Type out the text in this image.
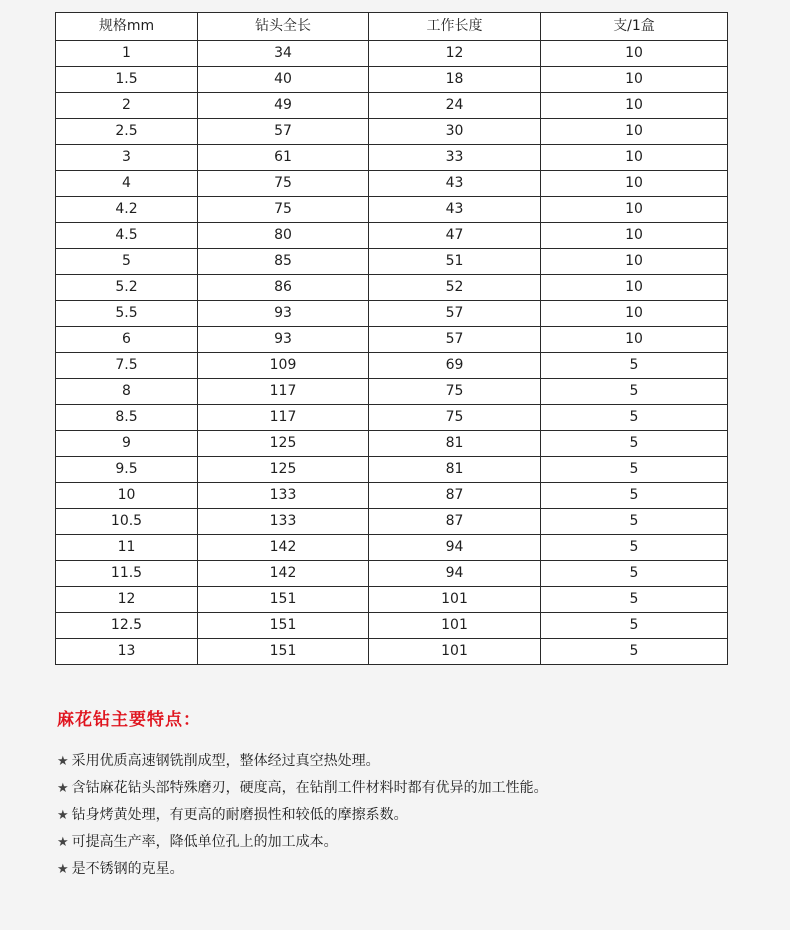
规格mm	钻头全长	工作长度	支/1盒
1	34	12	10
1.5	40	18	10
2	49	24	10
2.5	57	30	10
3	61	33	10
4	75	43	10
4.2	75	43	10
4.5	80	47	10
5	85	51	10
5.2	86	52	10
5.5	93	57	10
6	93	57	10
7.5	109	69	5
8	117	75	5
8.5	117	75	5
9	125	81	5
9.5	125	81	5
10	133	87	5
10.5	133	87	5
11	142	94	5
11.5	142	94	5
12	151	101	5
12.5	151	101	5
13	151	101	5
麻花钻主要特点：
★ 采用优质高速钢铣削成型，整体经过真空热处理。
★ 含钴麻花钻头部特殊磨刃，硬度高，在钻削工件材料时都有优异的加工性能。
★ 钻身烤黄处理，有更高的耐磨损性和较低的摩擦系数。
★ 可提高生产率，降低单位孔上的加工成本。
★ 是不锈钢的克星。
